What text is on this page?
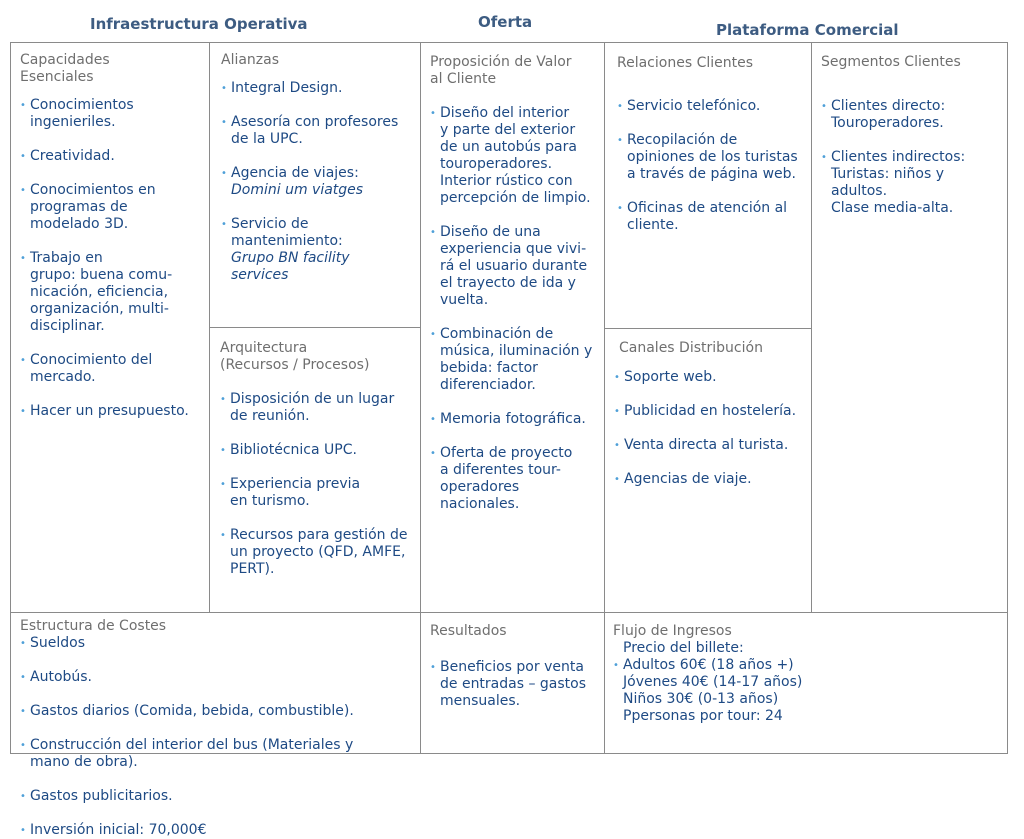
Infraestructura Operativa	Oferta	Plataforma Comercial
Capacidades
Esenciales
• Conocimientos
ingenieriles.
• Creatividad.
• Conocimientos en
programas de
modelado 3D.
• Trabajo en
grupo: buena comu-
nicación, eficiencia,
organización, multi-
disciplinar.
• Conocimiento del
mercado.
• Hacer un presupuesto.
Alianzas
• Integral Design.
• Asesoría con profesores
de la UPC.
• Agencia de viajes:
Domini um viatges
• Servicio de
mantenimiento:
Grupo BN facility
services
Arquitectura
(Recursos / Procesos)
• Disposición de un lugar
de reunión.
• Bibliotécnica UPC.
• Experiencia previa
en turismo.
• Recursos para gestión de
un proyecto (QFD, AMFE,
PERT).
Proposición de Valor
al Cliente
• Diseño del interior
y parte del exterior
de un autobús para
touroperadores.
Interior rústico con
percepción de limpio.
• Diseño de una
experiencia que vivi-
rá el usuario durante
el trayecto de ida y
vuelta.
• Combinación de
música, iluminación y
bebida: factor
diferenciador.
• Memoria fotográfica.
• Oferta de proyecto
a diferentes tour-
operadores
nacionales.
Relaciones Clientes
• Servicio telefónico.
• Recopilación de
opiniones de los turistas
a través de página web.
• Oficinas de atención al
cliente.
Canales Distribución
• Soporte web.
• Publicidad en hostelería.
• Venta directa al turista.
• Agencias de viaje.
Segmentos Clientes
• Clientes directo:
Touroperadores.
• Clientes indirectos:
Turistas: niños y
adultos.
Clase media-alta.
Estructura de Costes
• Sueldos
• Autobús.
• Gastos diarios (Comida, bebida, combustible).
• Construcción del interior del bus (Materiales y
mano de obra).
• Gastos publicitarios.
• Inversión inicial: 70,000€
Resultados
• Beneficios por venta
de entradas – gastos
mensuales.
Flujo de Ingresos
Precio del billete:
• Adultos 60€ (18 años +)
Jóvenes 40€ (14-17 años)
Niños 30€ (0-13 años)
Ppersonas por tour: 24
